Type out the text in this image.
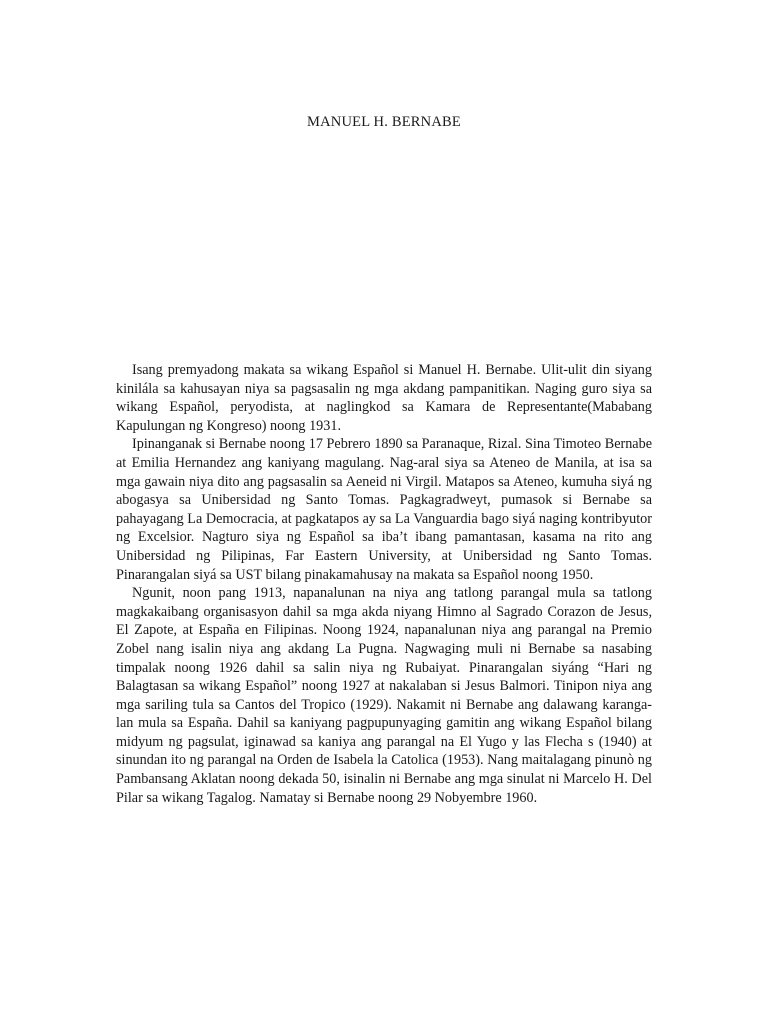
MANUEL H. BERNABE

Isang premyadong makata sa wikang Español si Manuel H. Bernabe. Ulit-ulit din siyang kinilála sa kahusayan niya sa pagsasalin ng mga akdang pampanitikan. Naging guro siya sa wikang Español, peryodista, at naglingkod sa Kamara de Representante(Mababang Kapulungan ng Kongreso) noong 1931.

Ipinanganak si Bernabe noong 17 Pebrero 1890 sa Paranaque, Rizal. Sina Timoteo Bernabe at Emilia Hernandez ang kaniyang magulang. Nag-aral siya sa Ateneo de Manila, at isa sa mga gawain niya dito ang pagsasalin sa Aeneid ni Virgil. Matapos sa Ateneo, kumuha siyá ng abogasya sa Unibersidad ng Santo Tomas. Pagkagradweyt, pumasok si Bernabe sa pahayagang La Democracia, at pagkatapos ay sa La Vanguardia bago siyá naging kontribyutor ng Excelsior. Nagturo siya ng Español sa iba’t ibang pamantasan, kasama na rito ang Unibersidad ng Pilipinas, Far Eastern University, at Unibersidad ng Santo Tomas. Pinarangalan siyá sa UST bilang pinakamahusay na makata sa Español noong 1950.

Ngunit, noon pang 1913, napanalunan na niya ang tatlong parangal mula sa tatlong magkakaibang organisasyon dahil sa mga akda niyang Himno al Sagrado Corazon de Jesus, El Zapote, at España en Filipinas. Noong 1924, napanalunan niya ang parangal na Premio Zobel nang isalin niya ang akdang La Pugna. Nagwaging muli ni Bernabe sa nasabing timpalak noong 1926 dahil sa salin niya ng Rubaiyat. Pinarangalan siyáng “Hari ng Balagtasan sa wikang Español” noong 1927 at nakalaban si Jesus Balmori. Tinipon niya ang mga sariling tula sa Cantos del Tropico (1929). Nakamit ni Bernabe ang dalawang karanga- lan mula sa España. Dahil sa kaniyang pagpupunyaging gamitin ang wikang Español bilang midyum ng pagsulat, iginawad sa kaniya ang parangal na El Yugo y las Flecha s (1940) at sinundan ito ng parangal na Orden de Isabela la Catolica (1953). Nang maitalagang pinunò ng Pambansang Aklatan noong dekada 50, isinalin ni Bernabe ang mga sinulat ni Marcelo H. Del Pilar sa wikang Tagalog. Namatay si Bernabe noong 29 Nobyembre 1960.
